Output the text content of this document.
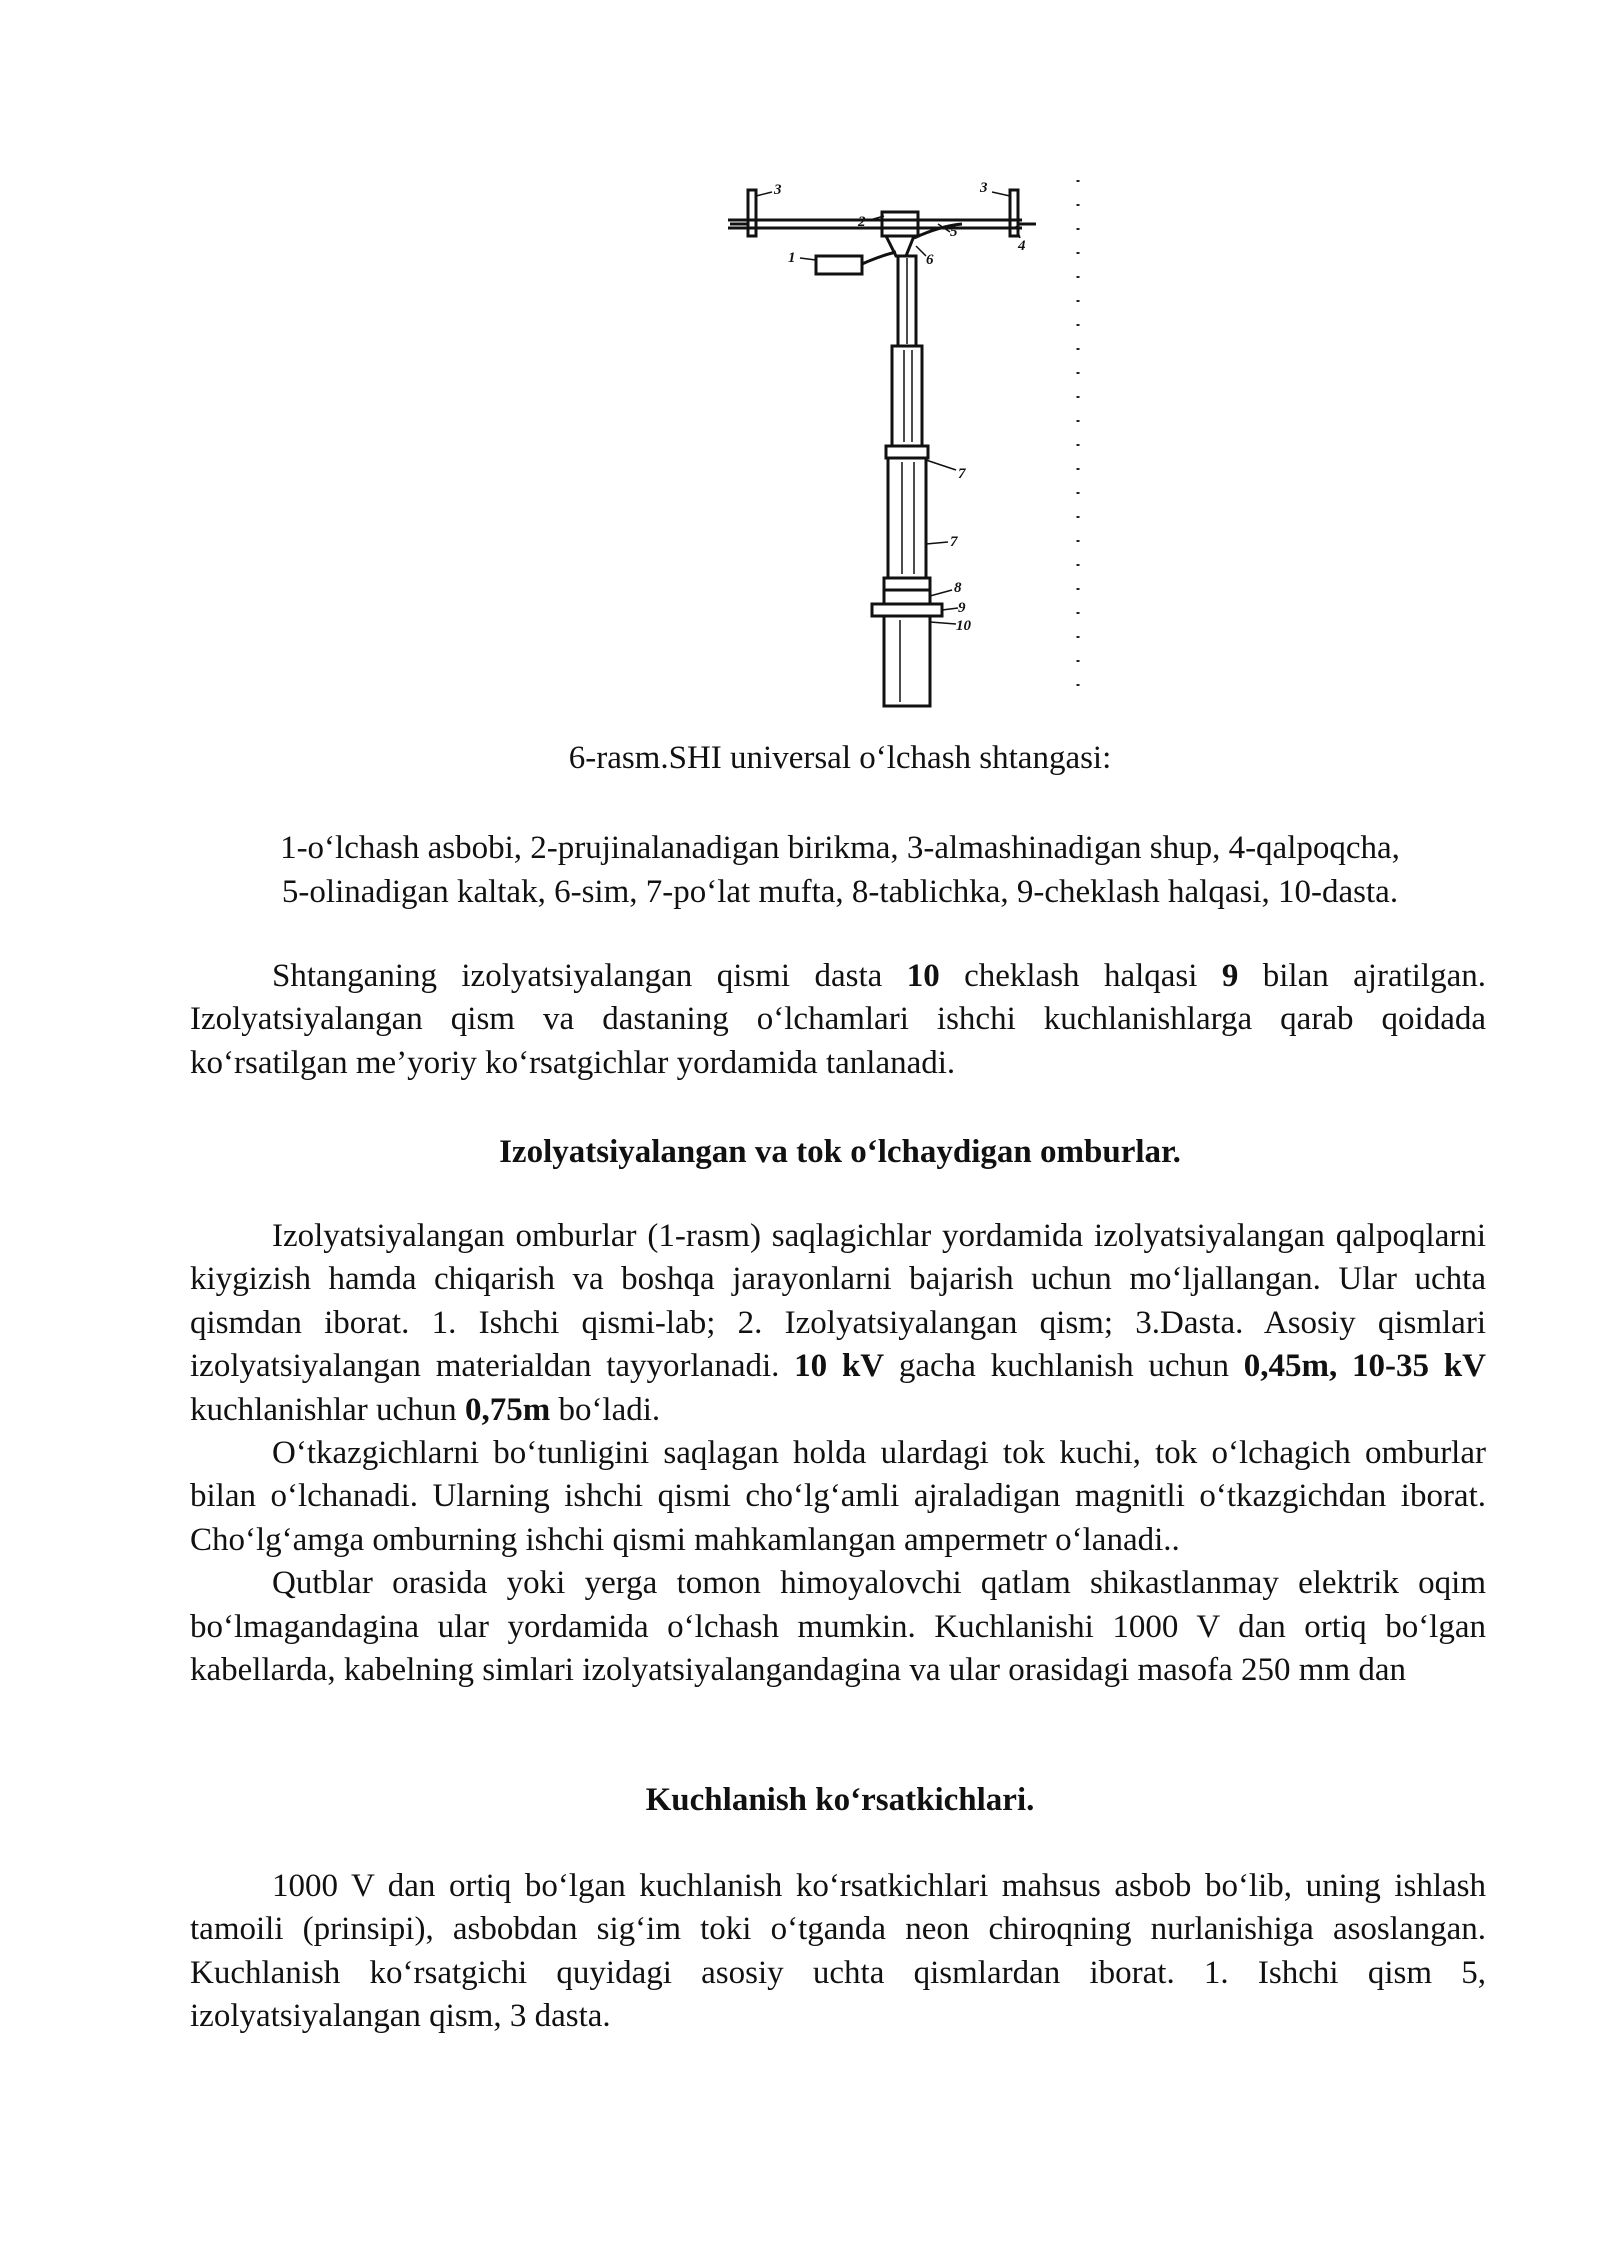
3	3
2
5
4
1	6
7
7
8
9
10
6-rasm.SHI universal o‘lchash shtangasi:
1-o‘lchash asbobi, 2-prujinalanadigan birikma, 3-almashinadigan shup, 4-qalpoqcha,
5-olinadigan kaltak, 6-sim, 7-po‘lat mufta, 8-tablichka, 9-cheklash halqasi, 10-dasta.

Shtanganing izolyatsiyalangan qismi dasta 10 cheklash halqasi 9 bilan ajratilgan. Izolyatsiyalangan qism va dastaning o‘lchamlari ishchi kuchlanishlarga qarab qoidada ko‘rsatilgan me’yoriy ko‘rsatgichlar yordamida tanlanadi.

Izolyatsiyalangan va tok o‘lchaydigan omburlar.

Izolyatsiyalangan omburlar (1-rasm) saqlagichlar yordamida izolyatsiyalangan qalpoqlarni kiygizish hamda chiqarish va boshqa jarayonlarni bajarish uchun mo‘ljallangan. Ular uchta qismdan iborat. 1. Ishchi qismi-lab; 2. Izolyatsiyalangan qism; 3.Dasta. Asosiy qismlari izolyatsiyalangan materialdan tayyorlanadi. 10 kV gacha kuchlanish uchun 0,45m, 10-35 kV kuchlanishlar uchun 0,75m bo‘ladi.

O‘tkazgichlarni bo‘tunligini saqlagan holda ulardagi tok kuchi, tok o‘lchagich omburlar bilan o‘lchanadi. Ularning ishchi qismi cho‘lg‘amli ajraladigan magnitli o‘tkazgichdan iborat. Cho‘lg‘amga omburning ishchi qismi mahkamlangan ampermetr o‘lanadi..

Qutblar orasida yoki yerga tomon himoyalovchi qatlam shikastlanmay elektrik oqim bo‘lmagandagina ular yordamida o‘lchash mumkin. Kuchlanishi 1000 V dan ortiq bo‘lgan kabellarda, kabelning simlari izolyatsiyalangandagina va ular orasidagi masofa 250 mm dan

Kuchlanish ko‘rsatkichlari.

1000 V dan ortiq bo‘lgan kuchlanish ko‘rsatkichlari mahsus asbob bo‘lib, uning ishlash tamoili (prinsipi), asbobdan sig‘im toki o‘tganda neon chiroqning nurlanishiga asoslangan. Kuchlanish ko‘rsatgichi quyidagi asosiy uchta qismlardan iborat. 1. Ishchi qism 5, izolyatsiyalangan qism, 3 dasta.
